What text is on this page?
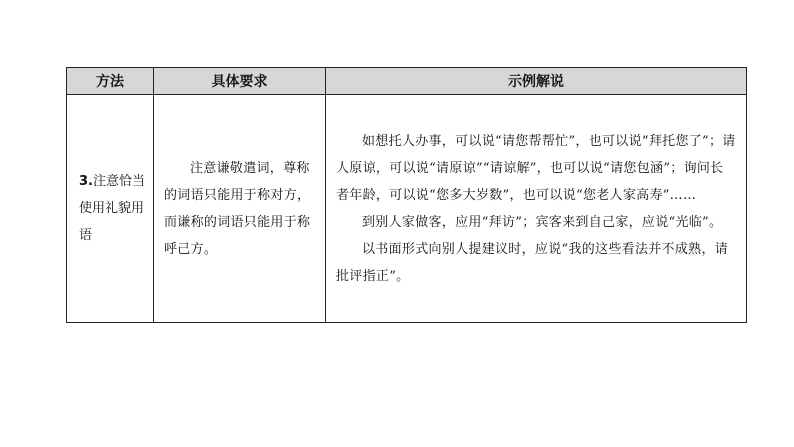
方法	具体要求	示例解说
3.注意恰当使用礼貌用语	注意谦敬遣词，尊称的词语只能用于称对方，而谦称的词语只能用于称呼己方。	如想托人办事，可以说“请您帮帮忙”，也可以说“拜托您了”；请人原谅，可以说“请原谅”“请谅解”，也可以说“请您包涵”；询问长者年龄，可以说“您多大岁数”，也可以说“您老人家高寿”……

到别人家做客，应用“拜访”；宾客来到自己家，应说“光临”。

以书面形式向别人提建议时，应说“我的这些看法并不成熟，请批评指正”。
